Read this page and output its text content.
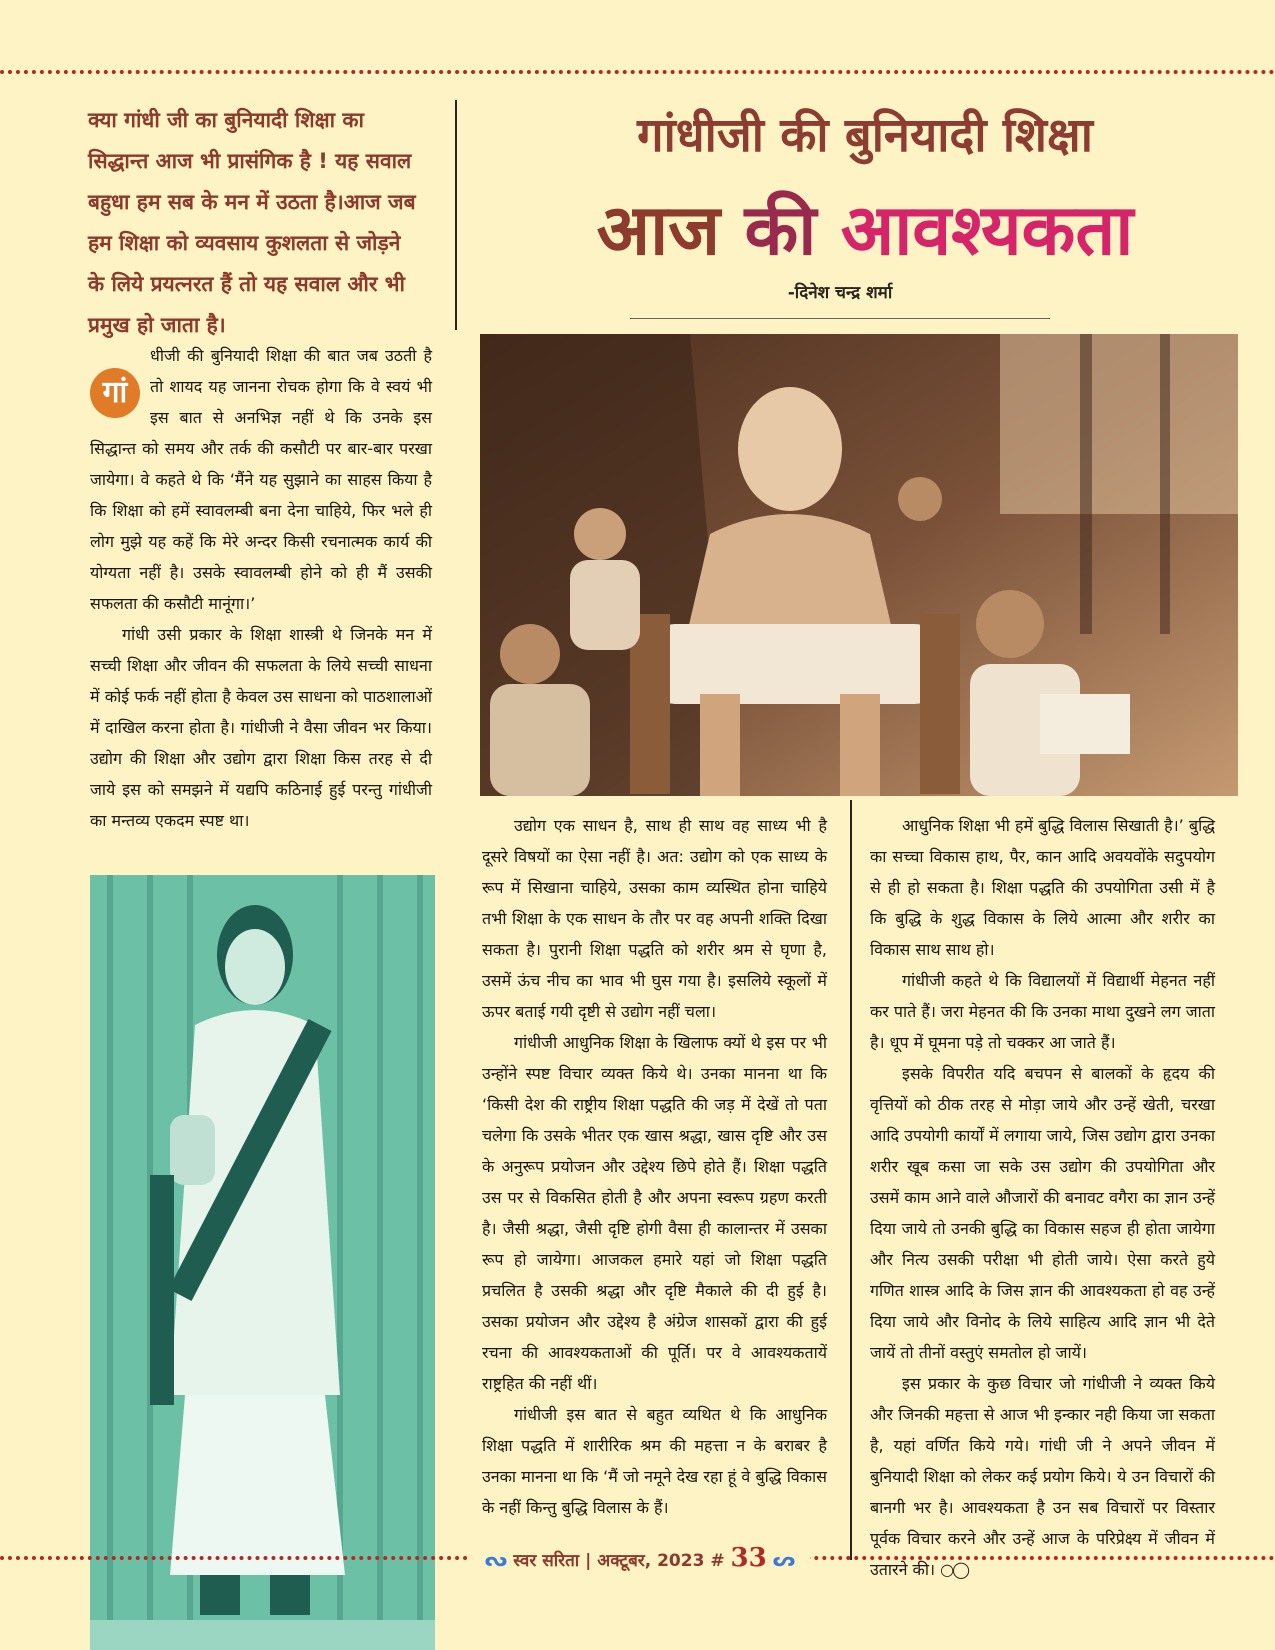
क्या गांधी जी का बुनियादी शिक्षा का सिद्धान्त आज भी प्रासंगिक है ! यह सवाल बहुधा हम सब के मन में उठता है।आज जब हम शिक्षा को व्यवसाय कुशलता से जोड़ने के लिये प्रयत्नरत हैं तो यह सवाल और भी प्रमुख हो जाता है।

गांधीजी की बुनियादी शिक्षा
आज की आवश्यकता
-दिनेश चन्द्र शर्मा
गां
धीजी की बुनियादी शिक्षा की बात जब उठती है तो शायद यह जानना रोचक होगा कि वे स्वयं भी इस बात से अनभिज्ञ नहीं थे कि उनके इस सिद्धान्त को समय और तर्क की कसौटी पर बार-बार परखा जायेगा। वे कहते थे कि ‘मैंने यह सुझाने का साहस किया है कि शिक्षा को हमें स्वावलम्बी बना देना चाहिये, फिर भले ही लोग मुझे यह कहें कि मेरे अन्दर किसी रचनात्मक कार्य की योग्यता नहीं है। उसके स्वावलम्बी होने को ही मैं उसकी सफलता की कसौटी मानूंगा।’
गांधी उसी प्रकार के शिक्षा शास्त्री थे जिनके मन में सच्ची शिक्षा और जीवन की सफलता के लिये सच्ची साधना में कोई फर्क नहीं होता है केवल उस साधना को पाठशालाओं में दाखिल करना होता है। गांधीजी ने वैसा जीवन भर किया। उद्योग की शिक्षा और उद्योग द्वारा शिक्षा किस तरह से दी जाये इस को समझने में यद्यपि कठिनाई हुई परन्तु गांधीजी का मन्तव्य एकदम स्पष्ट था।	उद्योग एक साधन है, साथ ही साथ वह साध्य भी है दूसरे विषयों का ऐसा नहीं है। अत: उद्योग को एक साध्य के रूप में सिखाना चाहिये, उसका काम व्यस्थित होना चाहिये तभी शिक्षा के एक साधन के तौर पर वह अपनी शक्ति दिखा सकता है। पुरानी शिक्षा पद्धति को शरीर श्रम से घृणा है, उसमें ऊंच नीच का भाव भी घुस गया है। इसलिये स्कूलों में ऊपर बताई गयी दृष्टी से उद्योग नहीं चला।
गांधीजी आधुनिक शिक्षा के खिलाफ क्यों थे इस पर भी उन्होंने स्पष्ट विचार व्यक्त किये थे। उनका मानना था कि ‘किसी देश की राष्ट्रीय शिक्षा पद्धति की जड़ में देखें तो पता चलेगा कि उसके भीतर एक खास श्रद्धा, खास दृष्टि और उस के अनुरूप प्रयोजन और उद्देश्य छिपे होते हैं। शिक्षा पद्धति उस पर से विकसित होती है और अपना स्वरूप ग्रहण करती है। जैसी श्रद्धा, जैसी दृष्टि होगी वैसा ही कालान्तर में उसका रूप हो जायेगा। आजकल हमारे यहां जो शिक्षा पद्धति प्रचलित है उसकी श्रद्धा और दृष्टि मैकाले की दी हुई है। उसका प्रयोजन और उद्देश्य है अंग्रेज शासकों द्वारा की हुई रचना की आवश्यकताओं की पूर्ति। पर वे आवश्यकतायें राष्ट्रहित की नहीं थीं।
गांधीजी इस बात से बहुत व्यथित थे कि आधुनिक शिक्षा पद्धति में शारीरिक श्रम की महत्ता न के बराबर है उनका मानना था कि ‘मैं जो नमूने देख रहा हूं वे बुद्धि विकास के नहीं किन्तु बुद्धि विलास के हैं।
आधुनिक शिक्षा भी हमें बुद्धि विलास सिखाती है।’ बुद्धि का सच्चा विकास हाथ, पैर, कान आदि अवयवोंके सदुपयोग से ही हो सकता है। शिक्षा पद्धति की उपयोगिता उसी में है कि बुद्धि के शुद्ध विकास के लिये आत्मा और शरीर का विकास साथ साथ हो।
गांधीजी कहते थे कि विद्यालयों में विद्यार्थी मेहनत नहीं कर पाते हैं। जरा मेहनत की कि उनका माथा दुखने लग जाता है। धूप में घूमना पड़े तो चक्कर आ जाते हैं।
इसके विपरीत यदि बचपन से बालकों के हृदय की वृत्तियों को ठीक तरह से मोड़ा जाये और उन्हें खेती, चरखा आदि उपयोगी कार्यों में लगाया जाये, जिस उद्योग द्वारा उनका शरीर खूब कसा जा सके उस उद्योग की उपयोगिता और उसमें काम आने वाले औजारों की बनावट वगैरा का ज्ञान उन्हें दिया जाये तो उनकी बुद्धि का विकास सहज ही होता जायेगा और नित्य उसकी परीक्षा भी होती जाये। ऐसा करते हुये गणित शास्त्र आदि के जिस ज्ञान की आवश्यकता हो वह उन्हें दिया जाये और विनोद के लिये साहित्य आदि ज्ञान भी देते जायें तो तीनों वस्तुएं समतोल हो जायें।
इस प्रकार के कुछ विचार जो गांधीजी ने व्यक्त किये और जिनकी महत्ता से आज भी इन्कार नही किया जा सकता है, यहां वर्णित किये गये। गांधी जी ने अपने जीवन में बुनियादी शिक्षा को लेकर कई प्रयोग किये। ये उन विचारों की बानगी भर है। आवश्यकता है उन सब विचारों पर विस्तार पूर्वक विचार करने और उन्हें आज के परिप्रेक्ष्य में जीवन में उतारने की। ○◯
ᔓ स्वर सरिता | अक्टूबर, 2023 # 33 ᔕ
